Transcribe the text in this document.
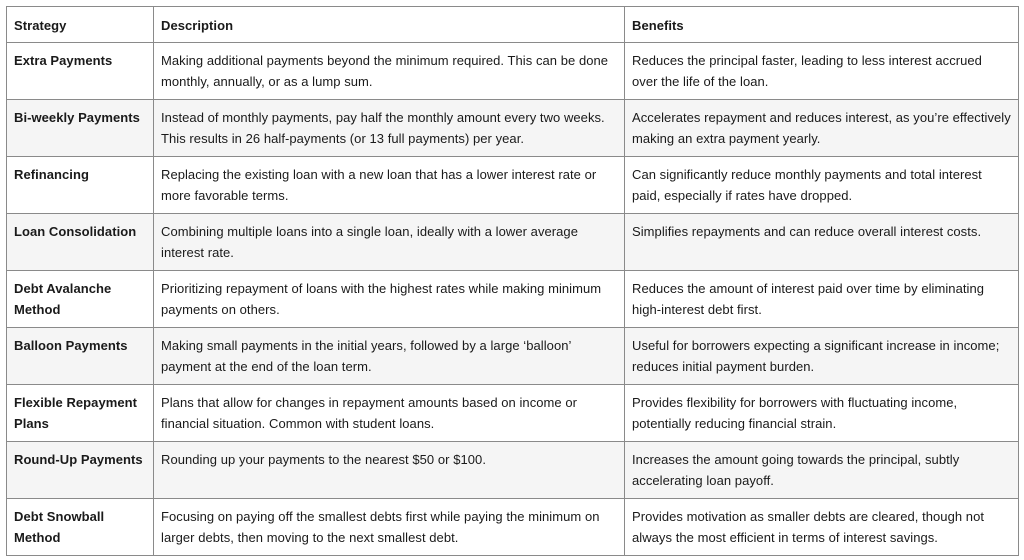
Strategy	Description	Benefits
Extra Payments	Making additional payments beyond the minimum required. This can be done monthly, annually, or as a lump sum.	Reduces the principal faster, leading to less interest accrued over the life of the loan.
Bi-weekly Payments	Instead of monthly payments, pay half the monthly amount every two weeks. This results in 26 half-payments (or 13 full payments) per year.	Accelerates repayment and reduces interest, as you’re effectively making an extra payment yearly.
Refinancing	Replacing the existing loan with a new loan that has a lower interest rate or more favorable terms.	Can significantly reduce monthly payments and total interest paid, especially if rates have dropped.
Loan Consolidation	Combining multiple loans into a single loan, ideally with a lower average interest rate.	Simplifies repayments and can reduce overall interest costs.
Debt Avalanche Method	Prioritizing repayment of loans with the highest rates while making minimum payments on others.	Reduces the amount of interest paid over time by eliminating high-interest debt first.
Balloon Payments	Making small payments in the initial years, followed by a large ‘balloon’ payment at the end of the loan term.	Useful for borrowers expecting a significant increase in income; reduces initial payment burden.
Flexible Repayment Plans	Plans that allow for changes in repayment amounts based on income or financial situation. Common with student loans.	Provides flexibility for borrowers with fluctuating income, potentially reducing financial strain.
Round-Up Payments	Rounding up your payments to the nearest $50 or $100.	Increases the amount going towards the principal, subtly accelerating loan payoff.
Debt Snowball Method	Focusing on paying off the smallest debts first while paying the minimum on larger debts, then moving to the next smallest debt.	Provides motivation as smaller debts are cleared, though not always the most efficient in terms of interest savings.
